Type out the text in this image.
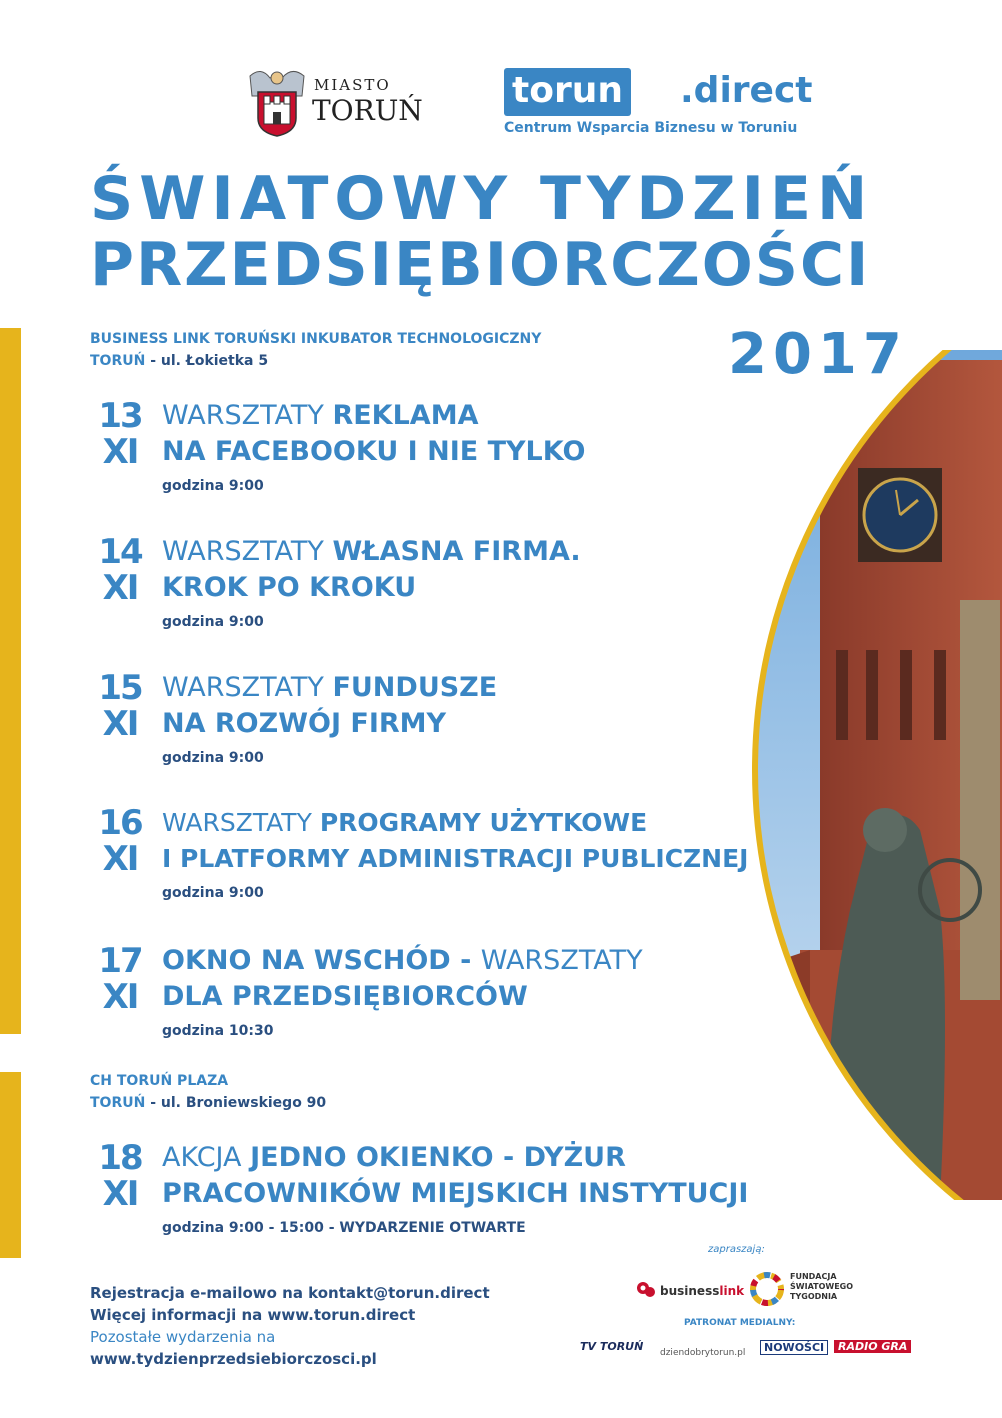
MIASTO
TORUŃ torun .direct
Centrum Wsparcia Biznesu w Toruniu
ŚWIATOWY TYDZIEŃ
PRZEDSIĘBIORCZOŚCI
2017
BUSINESS LINK TORUŃSKI INKUBATOR TECHNOLOGICZNY
TORUŃ - ul. Łokietka 5
13
XI
WARSZTATY REKLAMA
NA FACEBOOKU I NIE TYLKO
godzina 9:00
14
XI
WARSZTATY WŁASNA FIRMA.
KROK PO KROKU
godzina 9:00
15
XI
WARSZTATY FUNDUSZE
NA ROZWÓJ FIRMY
godzina 9:00
16
XI
WARSZTATY PROGRAMY UŻYTKOWE
I PLATFORMY ADMINISTRACJI PUBLICZNEJ
godzina 9:00
17
XI
OKNO NA WSCHÓD - WARSZTATY
DLA PRZEDSIĘBIORCÓW
godzina 10:30
CH TORUŃ PLAZA
TORUŃ - ul. Broniewskiego 90
18
XI
AKCJA JEDNO OKIENKO - DYŻUR
PRACOWNIKÓW MIEJSKICH INSTYTUCJI
godzina 9:00 - 15:00 - WYDARZENIE OTWARTE
Rejestracja e-mailowo na kontakt@torun.direct
Więcej informacji na www.torun.direct
Pozostałe wydarzenia na
www.tydzienprzedsiebiorczosci.pl
zapraszają:
businesslink
FUNDACJA
ŚWIATOWEGO
TYGODNIA
PATRONAT MEDIALNY:
TV TORUŃ dziendobrytorun.pl	NOWOŚCI	RADIO GRA
